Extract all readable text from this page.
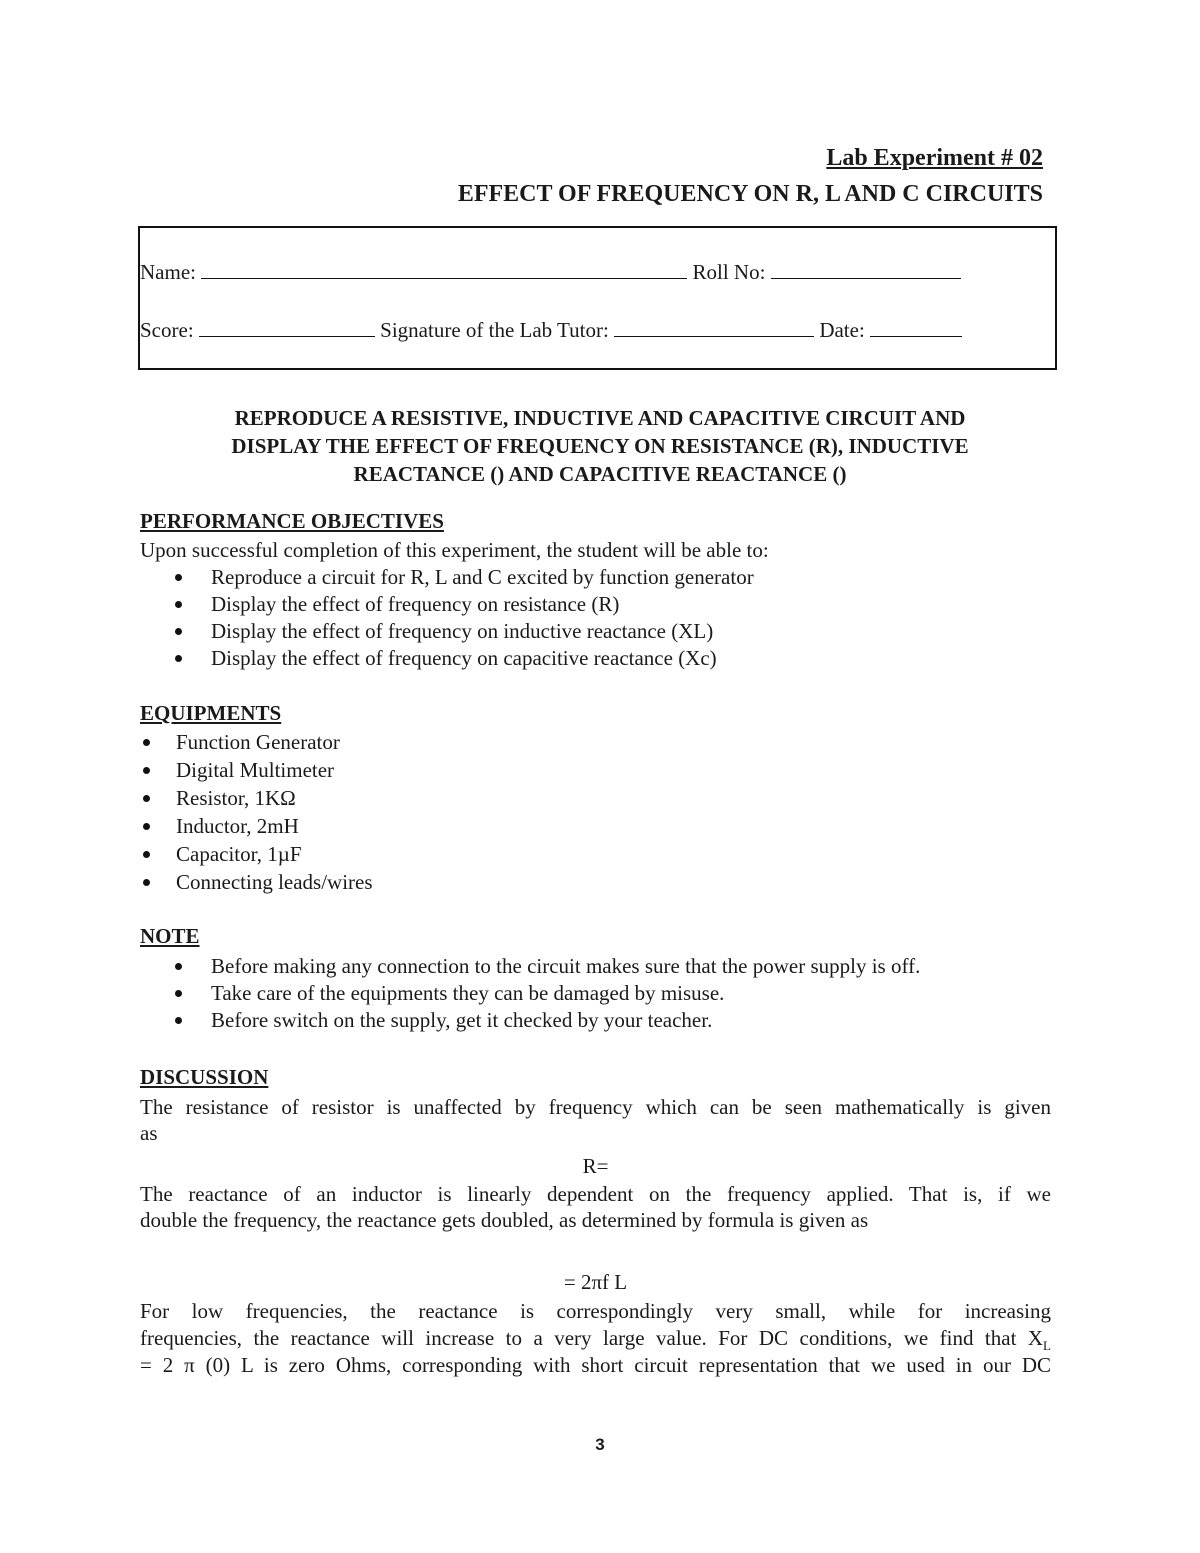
Lab Experiment # 02
EFFECT OF FREQUENCY ON R, L AND C CIRCUITS
Name:	Roll No:
Score:	Signature of the Lab Tutor:	Date:
REPRODUCE A RESISTIVE, INDUCTIVE AND CAPACITIVE CIRCUIT AND
DISPLAY THE EFFECT OF FREQUENCY ON RESISTANCE (R), INDUCTIVE
REACTANCE () AND CAPACITIVE REACTANCE ()
PERFORMANCE OBJECTIVES
Upon successful completion of this experiment, the student will be able to:
Reproduce a circuit for R, L and C excited by function generator
Display the effect of frequency on resistance (R)
Display the effect of frequency on inductive reactance (XL)
Display the effect of frequency on capacitive reactance (Xc)
EQUIPMENTS
Function Generator
Digital Multimeter
Resistor, 1KΩ
Inductor, 2mH
Capacitor, 1µF
Connecting leads/wires
NOTE
Before making any connection to the circuit makes sure that the power supply is off.
Take care of the equipments they can be damaged by misuse.
Before switch on the supply, get it checked by your teacher.
DISCUSSION
The resistance of resistor is unaffected by frequency which can be seen mathematically is given
as
R=
The reactance of an inductor is linearly dependent on the frequency applied. That is, if we
double the frequency, the reactance gets doubled, as determined by formula is given as
= 2πf L
For low frequencies, the reactance is correspondingly very small, while for increasing
frequencies, the reactance will increase to a very large value. For DC conditions, we find that $X_L$
= 2 π (0) L is zero Ohms, corresponding with short circuit representation that we used in our DC
3
